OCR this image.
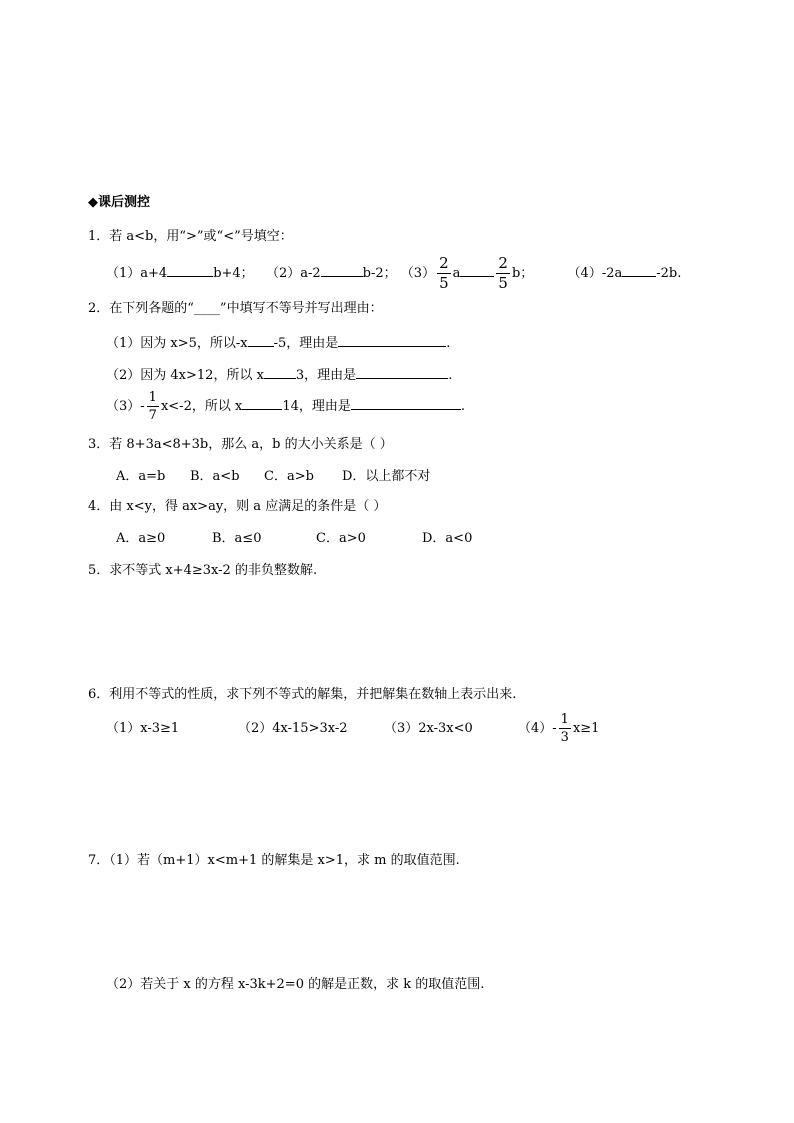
◆课后测控
1．若 a<b，用“>”或“<”号填空：
（1）a+4	b+4； （2）a-2	b-2； $(3) \frac{2}{5}$ a $\frac{2}{5}$ b；	（4）-2a	-2b.
2．在下列各题的“____”中填写不等号并写出理由：
（1）因为 x>5，所以-x -5，理由是	.
（2）因为 4x>12，所以 x 3，理由是	.
$(3)- \frac{1}{7} x<-2$，所以 x	14，理由是	.
3．若 8+3a<8+3b，那么 a，b 的大小关系是（ ）
A．a=b B．a<b C．a>b D．以上都不对
4．由 x<y，得 ax>ay，则 a 应满足的条件是（ ）
A．a≥0	B．a≤0	C．a>0	D．a<0
5．求不等式 x+4≥3x-2 的非负整数解.
6．利用不等式的性质，求下列不等式的解集，并把解集在数轴上表示出来.
（1）x-3≥1	（2）4x-15>3x-2	（3）2x-3x<0	$(4)- \frac{1}{3} x\ge 1$
7．（1）若（m+1）x<m+1 的解集是 x>1，求 m 的取值范围.
（2）若关于 x 的方程 x-3k+2=0 的解是正数，求 k 的取值范围.
